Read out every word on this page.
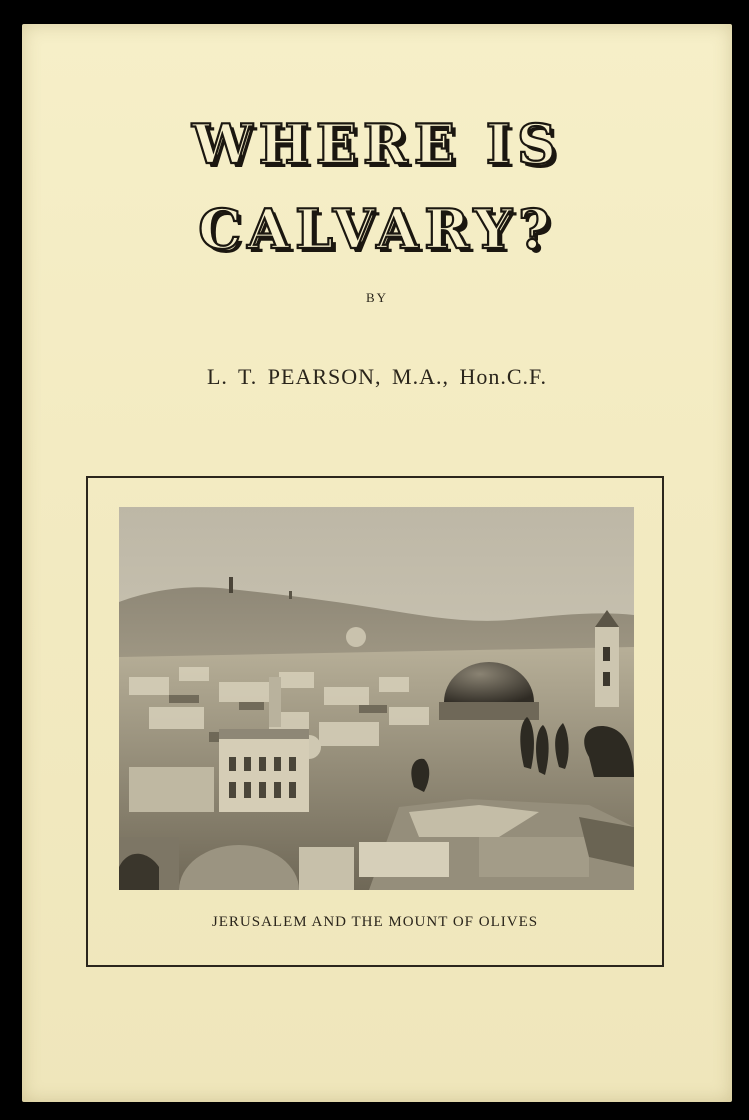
WHERE IS
CALVARY?
BY
L. T. PEARSON, M.A., Hon.C.F.
JERUSALEM AND THE MOUNT OF OLIVES
